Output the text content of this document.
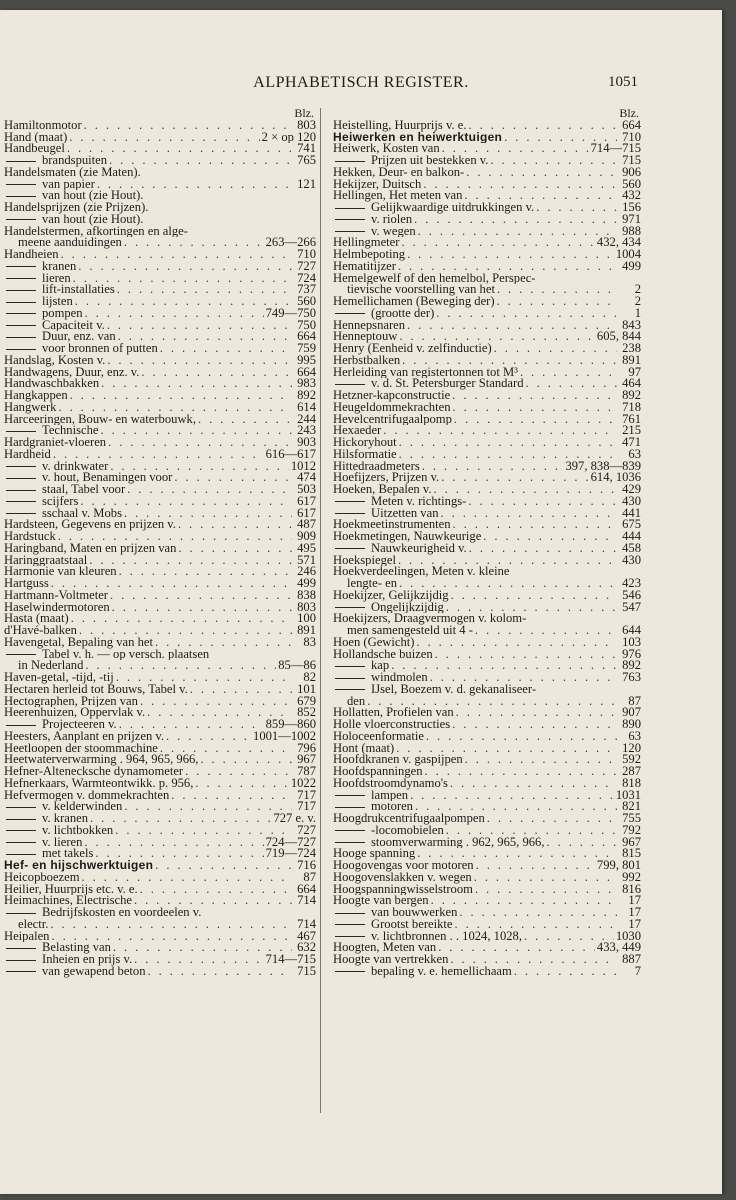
ALPHABETISCH REGISTER.	1051
Blz.
Hamiltonmotor . . .	803
Hand (maat) . . .	2 × op 120
Handbeugel . . .	741
brandspuiten . . .	765
Handelsmaten (zie Maten).
van papier . . .	121
van hout (zie Hout).
Handelsprijzen (zie Prijzen).
van hout (zie Hout).
Handelstermen, afkortingen en alge-
meene aanduidingen . . .	263—266
Handheien . . .	710
kranen . . .	727
lieren . . .	724
lift-installaties . . .	737
lijsten . . .	560
pompen . . .	749—750
Capaciteit v. . . .	750
Duur, enz. van . . .	664
voor bronnen of putten . . .	759
Handslag, Kosten v. . . .	995
Handwagens, Duur, enz. v. . . .	664
Handwaschbakken . . .	983
Hangkappen . . .	892
Hangwerk . . .	614
Harceeringen, Bouw- en waterbouwk, . . .	244
Technische . . .	243
Hardgraniet-vloeren . . .	903
Hardheid . . .	616—617
v. drinkwater . . .	1012
v. hout, Benamingen voor . . .	474
staal, Tabel voor . . .	503
scijfers . . .	617
sschaal v. Mobs . . .	617
Hardsteen, Gegevens en prijzen v. . . .	487
Hardstuck . . .	909
Haringband, Maten en prijzen van . . .	495
Haringgraatstaal . . .	571
Harmonie van kleuren . . .	246
Hartguss . . .	499
Hartmann-Voltmeter . . .	838
Haselwindermotoren . . .	803
Hasta (maat) . . .	100
d'Havé-balken . . .	891
Havengetal, Bepaling van het . . .	83
Tabel v. h. — op versch. plaatsen
in Nederland . . .	85—86
Haven-getal, -tijd, -tij . . .	82
Hectaren herleid tot Bouws, Tabel v. . . .	101
Hectographen, Prijzen van . . .	679
Heerenhuizen, Oppervlak v. . . .	852
Projecteeren v. . . .	859—860
Heesters, Aanplant en prijzen v. . . .	1001—1002
Heetloopen der stoommachine . . .	796
Heetwaterverwarming . 964, 965, 966, . . .	967
Hefner-Altenecksche dynamometer . . .	787
Hefnerkaars, Warmteontwikk. p. 956, . . .	1022
Hefvermogen v. dommekrachten . . .	717
v. kelderwinden . . .	717
v. kranen . . .	727 e. v.
v. lichtbokken . . .	727
v. lieren . . .	724—727
met takels . . .	719—724
Hef- en hijschwerktuigen . . .	716
Heicopboezem . . .	87
Heilier, Huurprijs etc. v. e. . . .	664
Heimachines, Electrische . . .	714
Bedrijfskosten en voordeelen v.
electr. . . .	714
Heipalen . . .	467
Belasting van . . .	632
Inheien en prijs v. . . .	714—715
van gewapend beton . . .	715
Blz.
Heistelling, Huurprijs v. e. . . .	664
Heiwerken en heiwerktuigen . . .	710
Heiwerk, Kosten van . . .	714—715
Prijzen uit bestekken v. . . .	715
Hekken, Deur- en balkon- . . .	906
Hekijzer, Duitsch . . .	560
Hellingen, Het meten van . . .	432
Gelijkwaardige uitdrukkingen v. . . .	156
v. riolen . . .	971
v. wegen . . .	988
Hellingmeter . . .	432, 434
Helmbepoting . . .	1004
Hematitijzer . . .	499
Hemelgewelf of den hemelbol, Perspec-
tievische voorstelling van het . . .	2
Hemellichamen (Beweging der) . . .	2
(grootte der) . . .	1
Hennepsnaren . . .	843
Henneptouw . . .	605, 844
Henry (Eenheid v. zelfinductie) . . .	238
Herbstbalken . . .	891
Herleiding van registertonnen tot M³ . . .	97
v. d. St. Petersburger Standard . . .	464
Hetzner-kapconstructie . . .	892
Heugeldommekrachten . . .	718
Hevelcentrifugaalpomp . . .	761
Hexaeder . . .	215
Hickoryhout . . .	471
Hilsformatie . . .	63
Hittedraadmeters . . .	397, 838—839
Hoefijzers, Prijzen v. . . .	614, 1036
Hoeken, Bepalen v. . . .	429
Meten v. richtings- . . .	430
Uitzetten van . . .	441
Hoekmeetinstrumenten . . .	675
Hoekmetingen, Nauwkeurige . . .	444
Nauwkeurigheid v. . . .	458
Hoekspiegel . . .	430
Hoekverdeelingen, Meten v. kleine
lengte- en . . .	423
Hoekijzer, Gelijkzijdig . . .	546
Ongelijkzijdig . . .	547
Hoekijzers, Draagvermogen v. kolom-
men samengesteld uit 4 - . . .	644
Hoen (Gewicht) . . .	103
Hollandsche buizen . . .	976
kap . . .	892
windmolen . . .	763
IJsel, Boezem v. d. gekanaliseer-
den . . .	87
Hollatten, Profielen van . . .	907
Holle vloerconstructies . . .	890
Holoceenformatie . . .	63
Hont (maat) . . .	120
Hoofdkranen v. gaspijpen . . .	592
Hoofdspanningen . . .	287
Hoofdstroomdynamo's . . .	818
lampen . . .	1031
motoren . . .	821
Hoogdrukcentrifugaalpompen . . .	755
-locomobielen . . .	792
stoomverwarming . 962, 965, 966, . . .	967
Hooge spanning . . .	815
Hoogovengas voor motoren . . .	799, 801
Hoogovenslakken v. wegen . . .	992
Hoogspanningwisselstroom . . .	816
Hoogte van bergen . . .	17
van bouwwerken . . .	17
Grootst bereikte . . .	17
v. lichtbronnen . . 1024, 1028, . . .	1030
Hoogten, Meten van . . .	433, 449
Hoogte van vertrekken . . .	887
bepaling v. e. hemellichaam . . .	7
